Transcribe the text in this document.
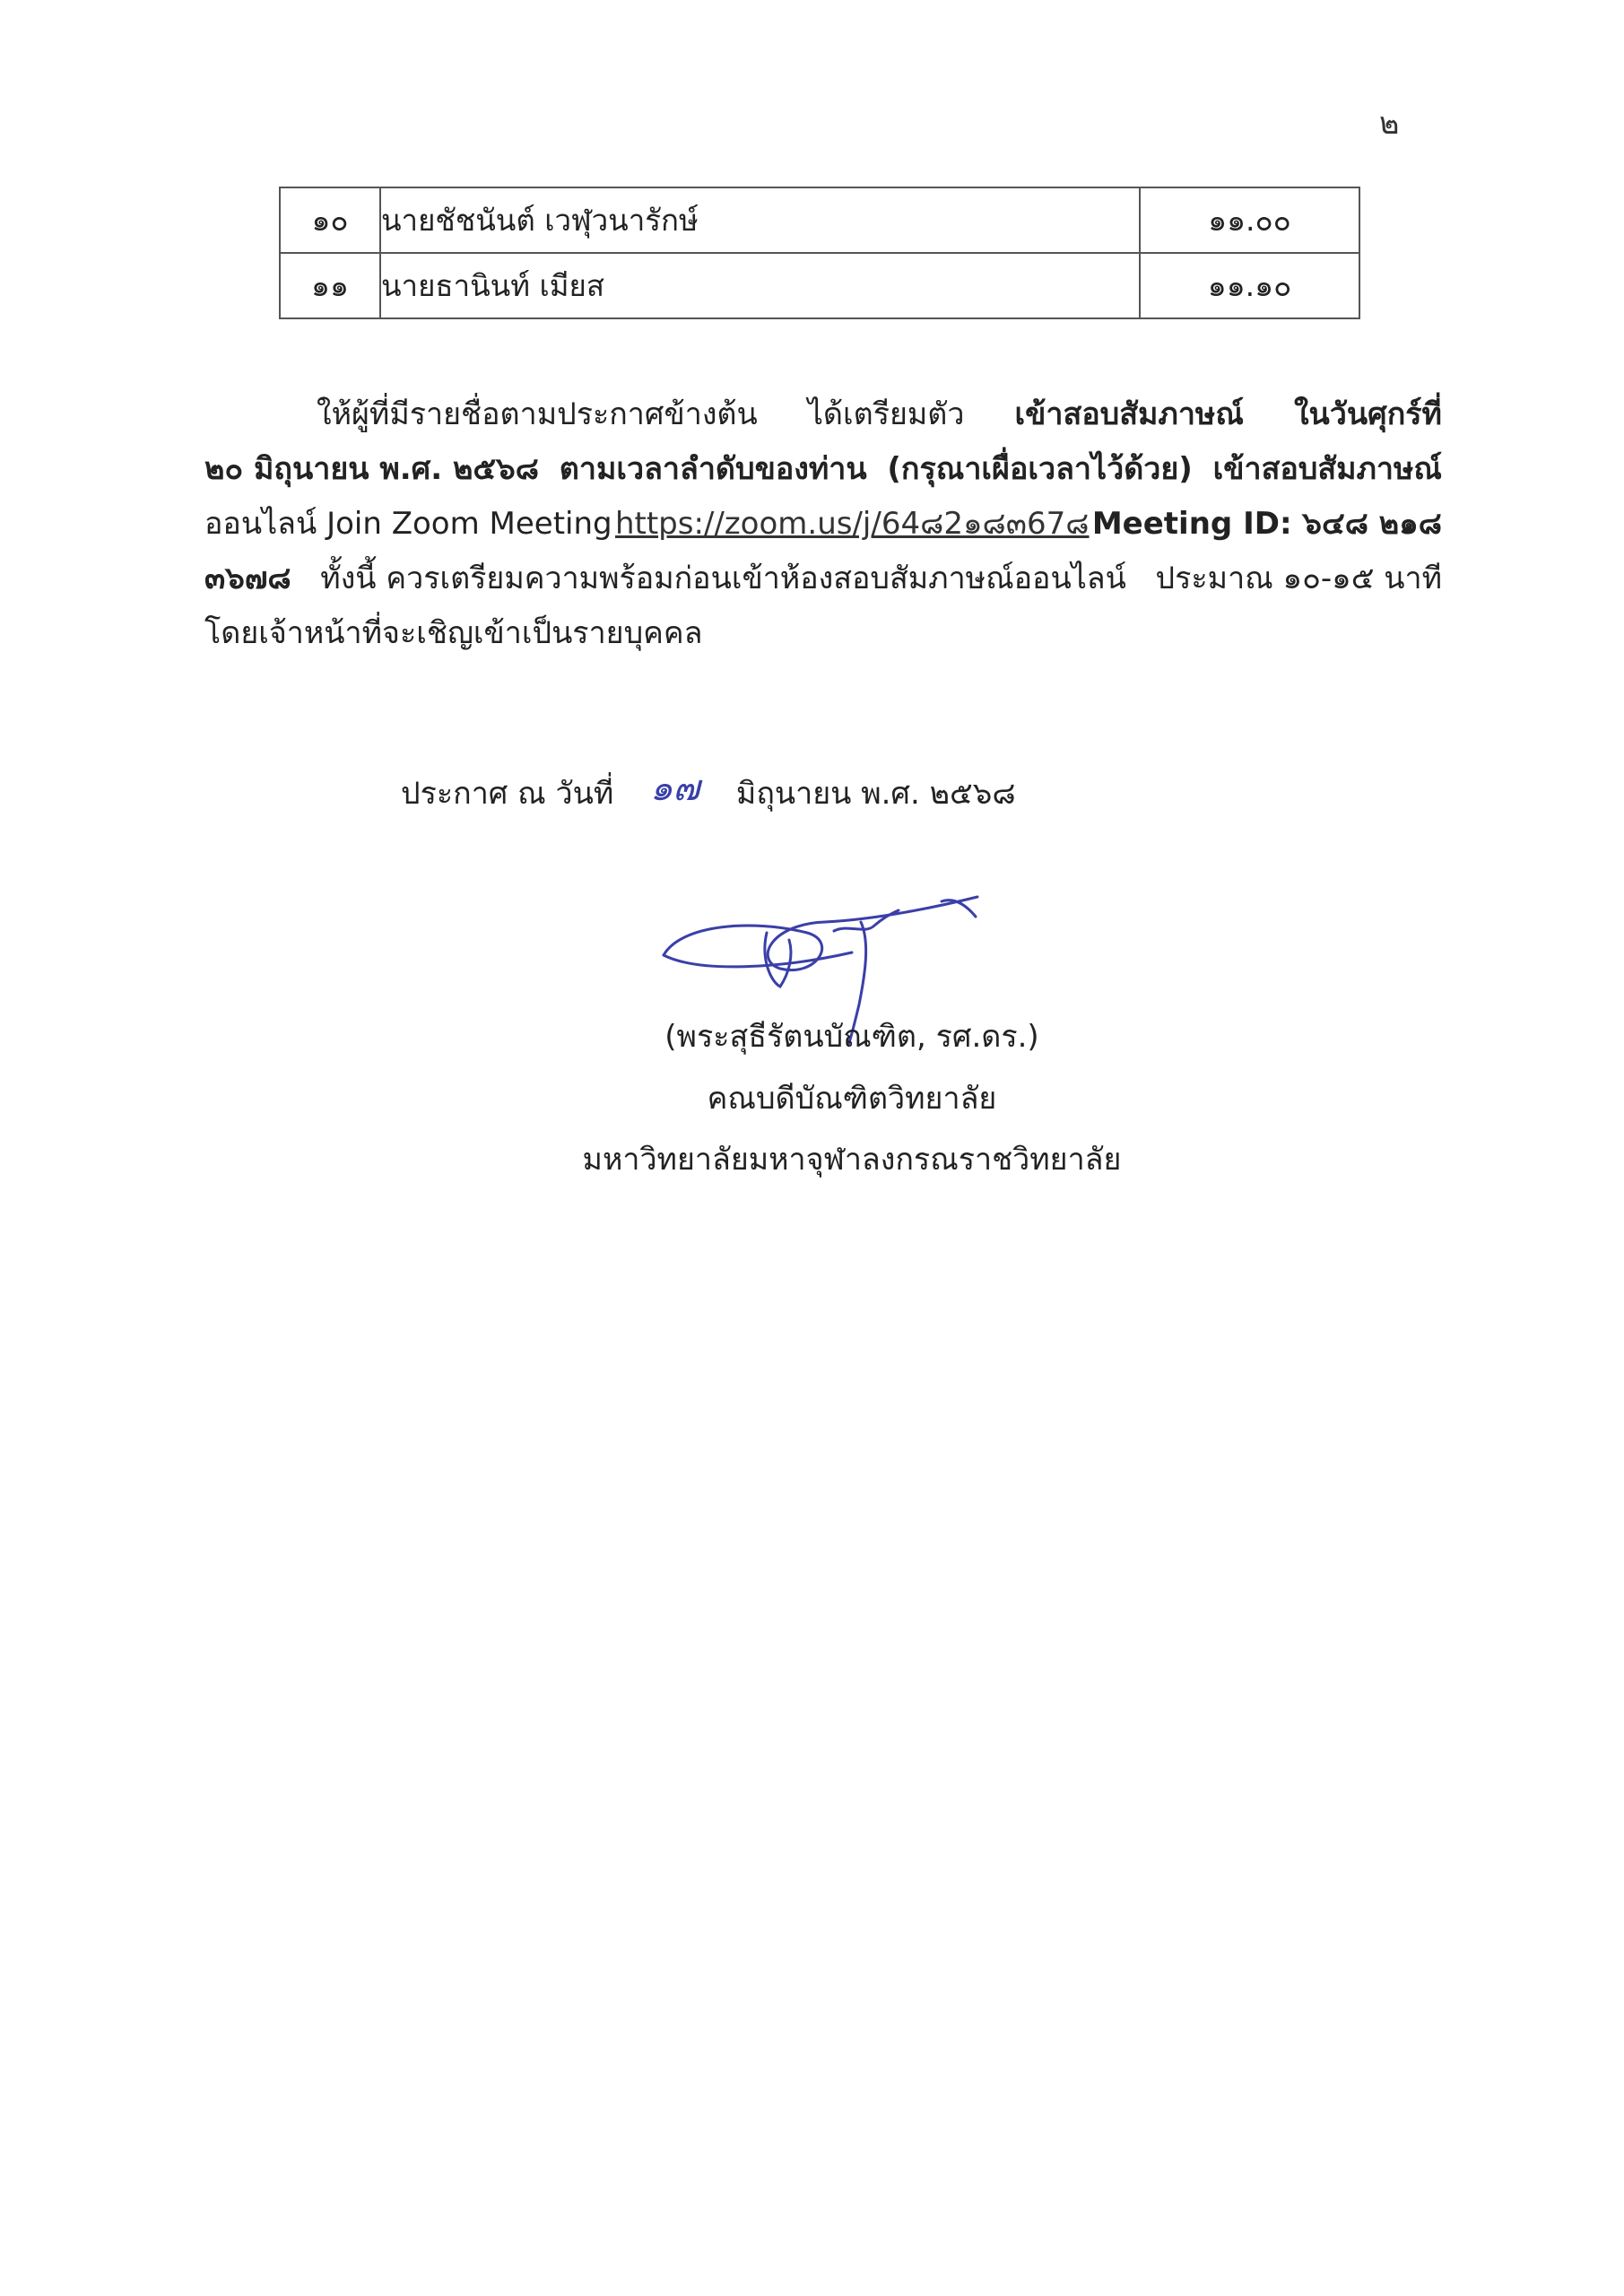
๒
๑๐	นายชัชนันต์ เวฬุวนารักษ์	๑๑.๐๐
๑๑	นายธานินท์ เมียส	๑๑.๑๐
ให้ผู้ที่มีรายชื่อตามประกาศข้างต้น ได้เตรียมตัว เข้าสอบสัมภาษณ์ ในวันศุกร์ที่
๒๐ มิถุนายน พ.ศ. ๒๕๖๘ ตามเวลาลำดับของท่าน (กรุณาเผื่อเวลาไว้ด้วย) เข้าสอบสัมภาษณ์
ออนไลน์ Join Zoom Meeting https://zoom.us/j/64๘2๑๘๓67๘ Meeting ID: ๖๔๘ ๒๑๘
๓๖๗๘ ทั้งนี้ ควรเตรียมความพร้อมก่อนเข้าห้องสอบสัมภาษณ์ออนไลน์ ประมาณ ๑๐-๑๕ นาที
โดยเจ้าหน้าที่จะเชิญเข้าเป็นรายบุคคล
ประกาศ ณ วันที่ ๑๗ มิถุนายน พ.ศ. ๒๕๖๘
(พระสุธีรัตนบัณฑิต, รศ.ดร.)
คณบดีบัณฑิตวิทยาลัย
มหาวิทยาลัยมหาจุฬาลงกรณราชวิทยาลัย
